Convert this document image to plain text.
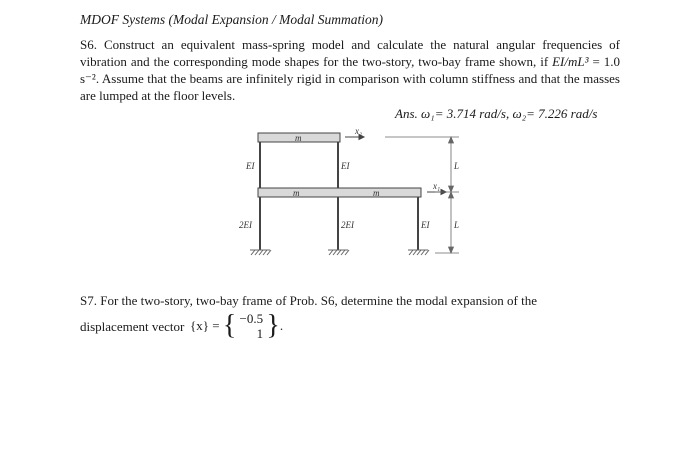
MDOF Systems (Modal Expansion / Modal Summation)
S6. Construct an equivalent mass-spring model and calculate the natural angular frequencies of vibration and the corresponding mode shapes for the two-story, two-bay frame shown, if EI/mL³ = 1.0 s⁻². Assume that the beams are infinitely rigid in comparison with column stiffness and that the masses are lumped at the floor levels.
Ans. ω₁= 3.714 rad/s, ω₂= 7.226 rad/s
m
m	m
EI	EI
2EI	2EI	EI
x₂
x₁
L
L
S7. For the two-story, two-bay frame of Prob. S6, determine the modal expansion of the
displacement vector {x} = { −0.5
1 }.
